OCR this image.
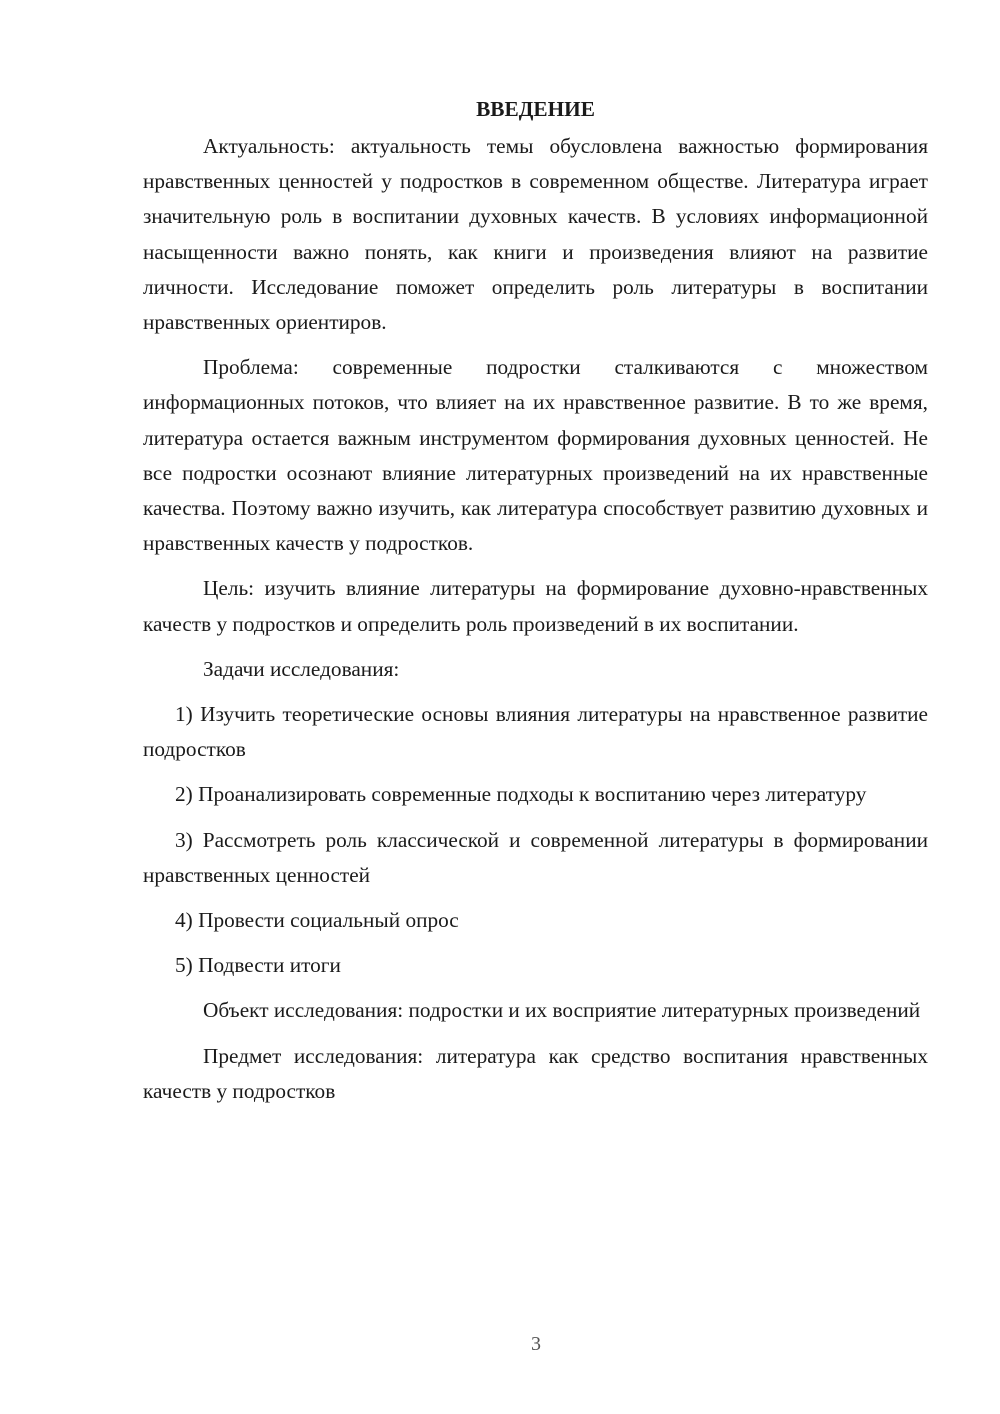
ВВЕДЕНИЕ

Актуальность: актуальность темы обусловлена важностью формирования нравственных ценностей у подростков в современном обществе. Литература играет значительную роль в воспитании духовных качеств. В условиях информационной насыщенности важно понять, как книги и произведения влияют на развитие личности. Исследование поможет определить роль литературы в воспитании нравственных ориентиров.

Проблема: современные подростки сталкиваются с множеством информационных потоков, что влияет на их нравственное развитие. В то же время, литература остается важным инструментом формирования духовных ценностей. Не все подростки осознают влияние литературных произведений на их нравственные качества. Поэтому важно изучить, как литература способствует развитию духовных и нравственных качеств у подростков.

Цель: изучить влияние литературы на формирование духовно-нравственных качеств у подростков и определить роль произведений в их воспитании.

Задачи исследования:

1) Изучить теоретические основы влияния литературы на нравственное развитие подростков

2) Проанализировать современные подходы к воспитанию через литературу

3) Рассмотреть роль классической и современной литературы в формировании нравственных ценностей

4) Провести социальный опрос

5) Подвести итоги

Объект исследования: подростки и их восприятие литературных произведений

Предмет исследования: литература как средство воспитания нравственных качеств у подростков

3
